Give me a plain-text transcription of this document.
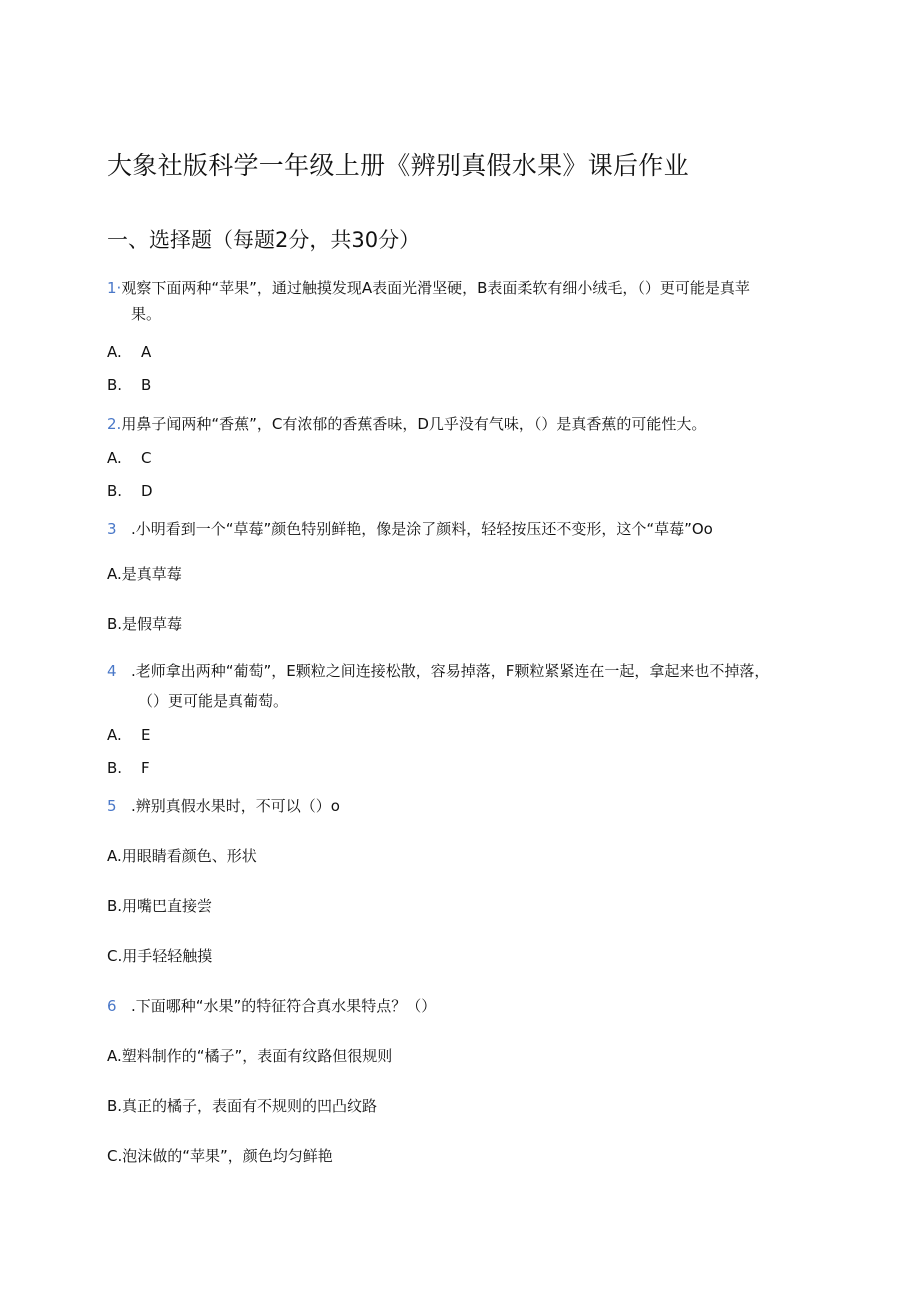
大象社版科学一年级上册《辨别真假水果》课后作业
一、选择题（每题2分，共30分）
1·观察下面两种“苹果”，通过触摸发现A表面光滑坚硬，B表面柔软有细小绒毛，（）更可能是真苹
果。
A. A
B. B
2.用鼻子闻两种“香蕉”，C有浓郁的香蕉香味，D几乎没有气味，（）是真香蕉的可能性大。
A. C
B. D
3 .小明看到一个“草莓”颜色特别鲜艳，像是涂了颜料，轻轻按压还不变形，这个“草莓”Oo
A.是真草莓
B.是假草莓
4 .老师拿出两种“葡萄”，E颗粒之间连接松散，容易掉落，F颗粒紧紧连在一起，拿起来也不掉落，
（）更可能是真葡萄。
A. E
B. F
5 .辨别真假水果时，不可以（）o
A.用眼睛看颜色、形状
B.用嘴巴直接尝
C.用手轻轻触摸
6 .下面哪种“水果”的特征符合真水果特点？（）
A.塑料制作的“橘子”，表面有纹路但很规则
B.真正的橘子，表面有不规则的凹凸纹路
C.泡沫做的“苹果”，颜色均匀鲜艳
